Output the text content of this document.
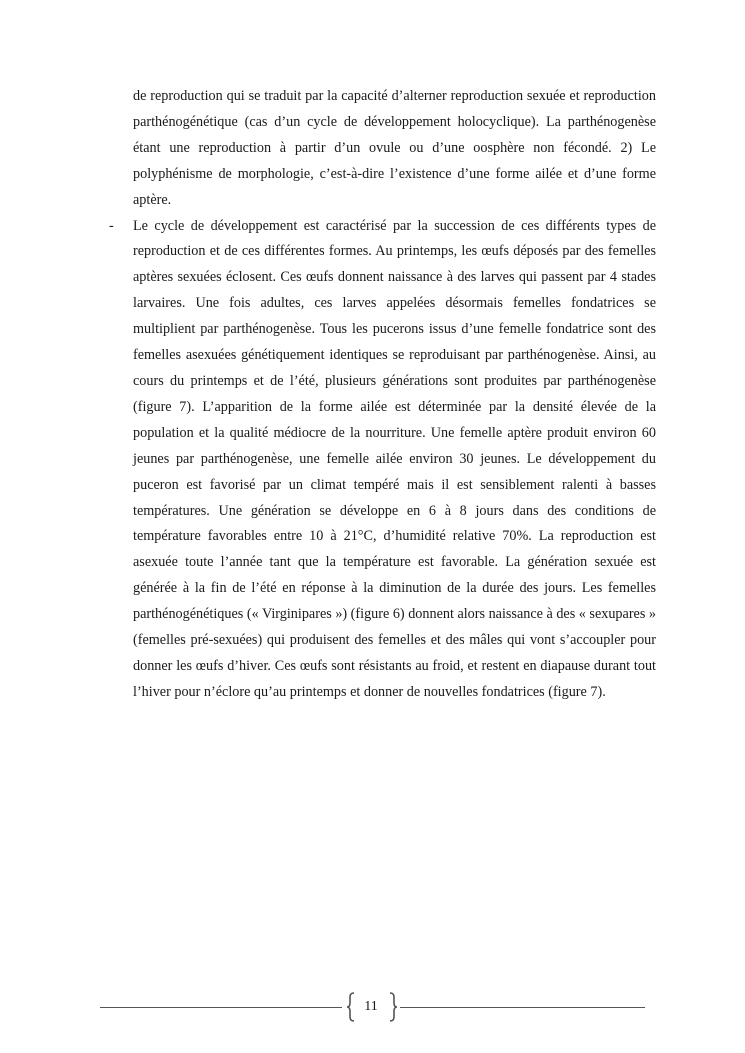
de reproduction qui se traduit par la capacité d’alterner reproduction sexuée et reproduction parthénogénétique (cas d’un cycle de développement holocyclique). La parthénogenèse étant une reproduction à partir d’un ovule ou d’une oosphère non fécondé. 2) Le polyphénisme de morphologie, c’est-à-dire l’existence d’une forme ailée et d’une forme aptère.

- Le cycle de développement est caractérisé par la succession de ces différents types de reproduction et de ces différentes formes. Au printemps, les œufs déposés par des femelles aptères sexuées éclosent. Ces œufs donnent naissance à des larves qui passent par 4 stades larvaires. Une fois adultes, ces larves appelées désormais femelles fondatrices se multiplient par parthénogenèse. Tous les pucerons issus d’une femelle fondatrice sont des femelles asexuées génétiquement identiques se reproduisant par parthénogenèse. Ainsi, au cours du printemps et de l’été, plusieurs générations sont produites par parthénogenèse (figure 7). L’apparition de la forme ailée est déterminée par la densité élevée de la population et la qualité médiocre de la nourriture. Une femelle aptère produit environ 60 jeunes par parthénogenèse, une femelle ailée environ 30 jeunes. Le développement du puceron est favorisé par un climat tempéré mais il est sensiblement ralenti à basses températures. Une génération se développe en 6 à 8 jours dans des conditions de température favorables entre 10 à 21°C, d’humidité relative 70%. La reproduction est asexuée toute l’année tant que la température est favorable. La génération sexuée est générée à la fin de l’été en réponse à la diminution de la durée des jours. Les femelles parthénogénétiques (« Virginipares ») (figure 6) donnent alors naissance à des « sexupares » (femelles pré-sexuées) qui produisent des femelles et des mâles qui vont s’accoupler pour donner les œufs d’hiver. Ces œufs sont résistants au froid, et restent en diapause durant tout l’hiver pour n’éclore qu’au printemps et donner de nouvelles fondatrices (figure 7).
11
